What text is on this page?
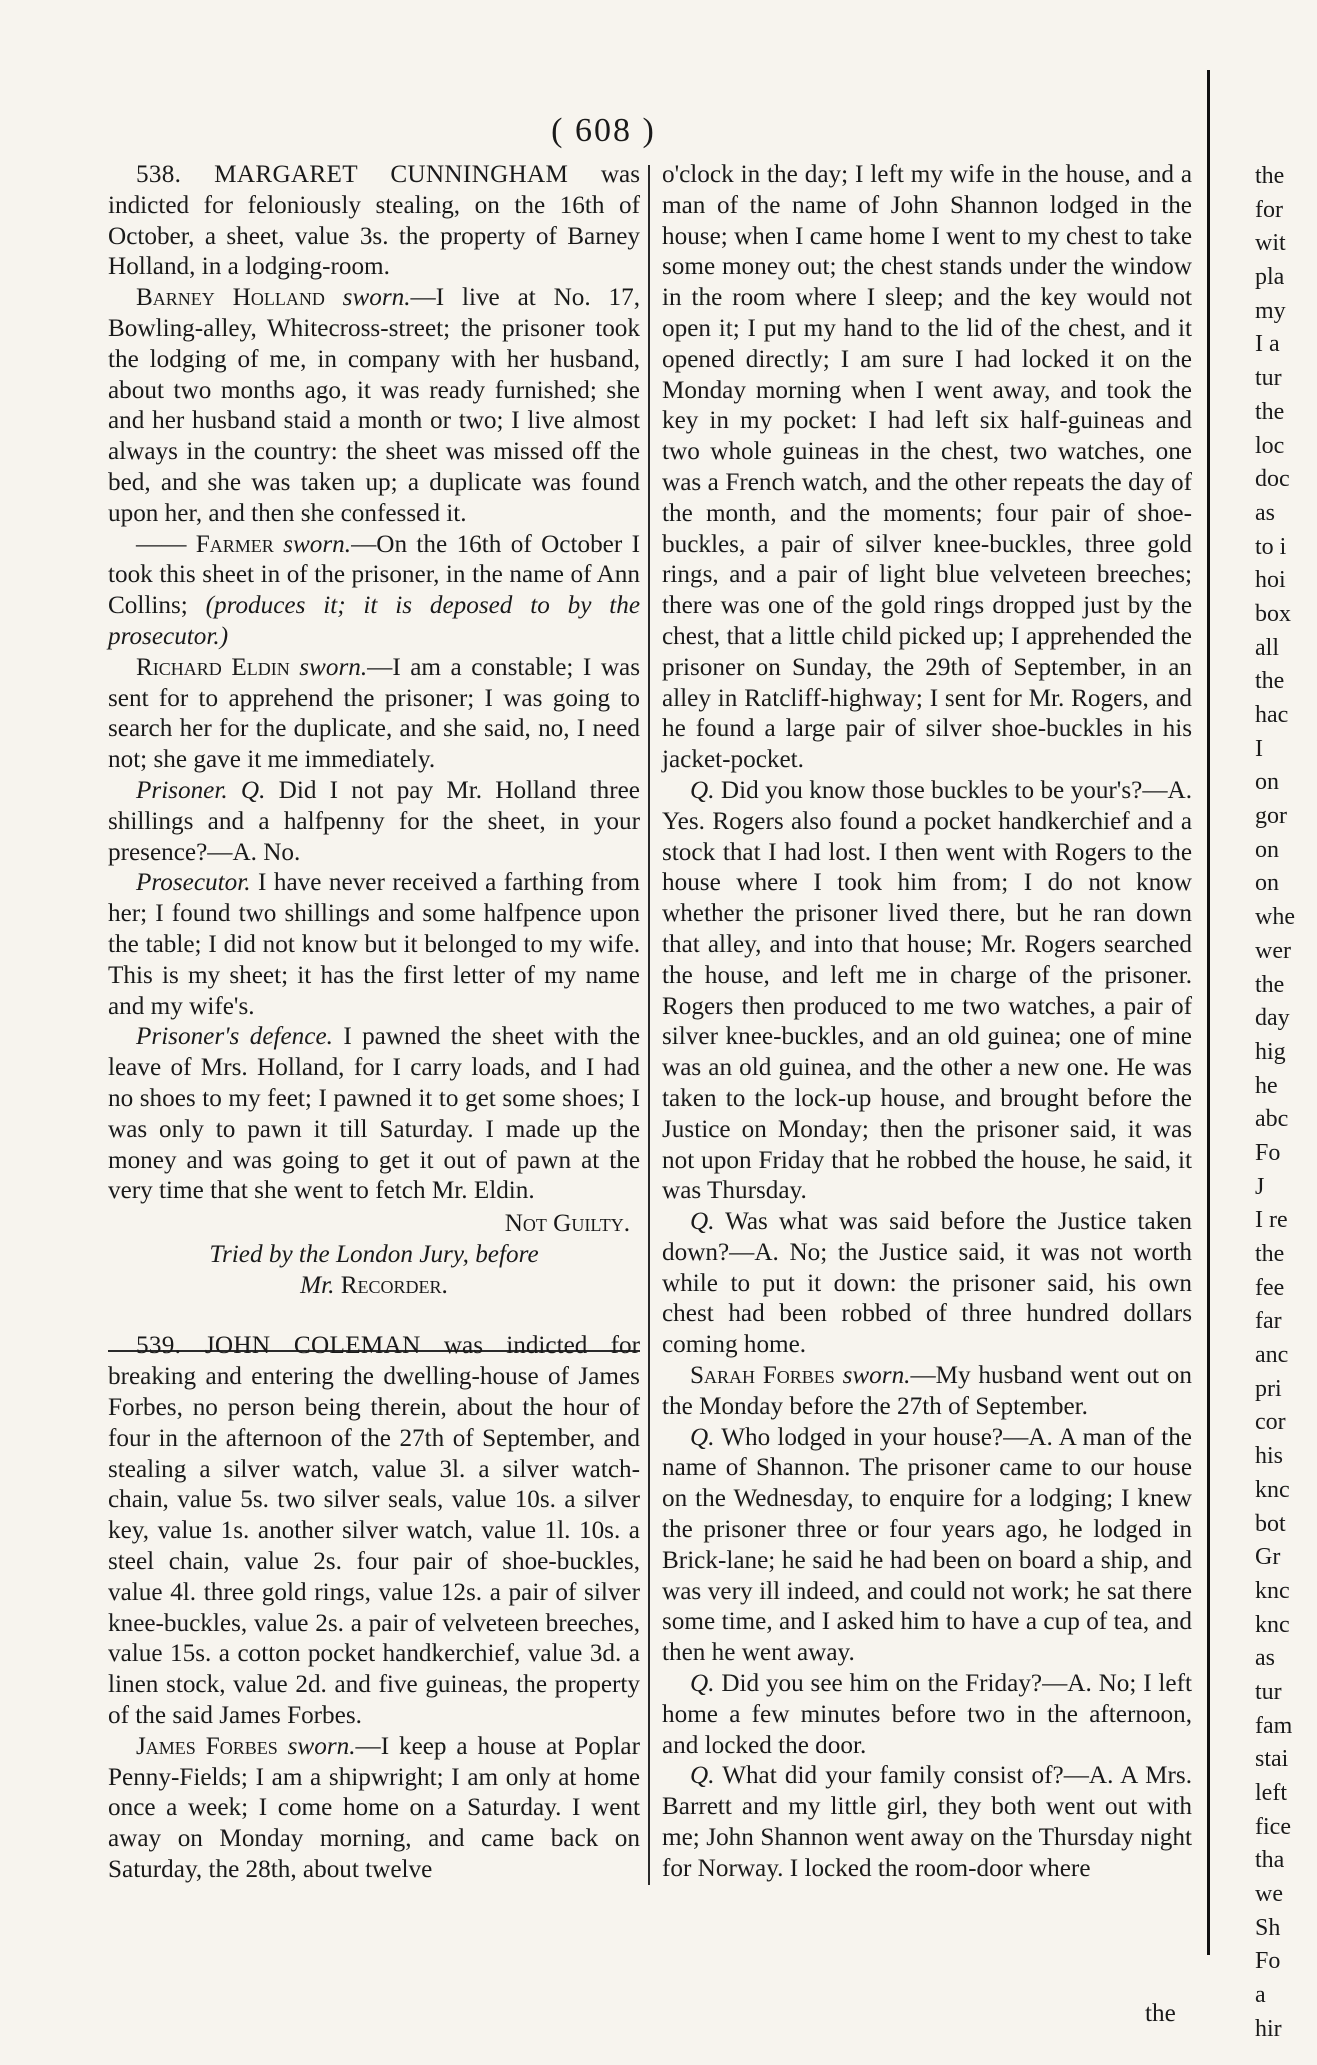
( 608 )

538. MARGARET CUNNINGHAM was indicted for feloniously stealing, on the 16th of October, a sheet, value 3s. the property of Barney Holland, in a lodging-room.

Barney Holland sworn.—I live at No. 17, Bowling-alley, Whitecross-street; the prisoner took the lodging of me, in company with her husband, about two months ago, it was ready furnished; she and her husband staid a month or two; I live almost always in the country: the sheet was missed off the bed, and she was taken up; a duplicate was found upon her, and then she confessed it.

—— Farmer sworn.—On the 16th of October I took this sheet in of the prisoner, in the name of Ann Collins; (produces it; it is deposed to by the prosecutor.)

Richard Eldin sworn.—I am a constable; I was sent for to apprehend the prisoner; I was going to search her for the duplicate, and she said, no, I need not; she gave it me immediately.

Prisoner. Q. Did I not pay Mr. Holland three shillings and a halfpenny for the sheet, in your presence?—A. No.

Prosecutor. I have never received a farthing from her; I found two shillings and some halfpence upon the table; I did not know but it belonged to my wife. This is my sheet; it has the first letter of my name and my wife's.

Prisoner's defence. I pawned the sheet with the leave of Mrs. Holland, for I carry loads, and I had no shoes to my feet; I pawned it to get some shoes; I was only to pawn it till Saturday. I made up the money and was going to get it out of pawn at the very time that she went to fetch Mr. Eldin.

Not Guilty.

Tried by the London Jury, before

Mr. Recorder.

539. JOHN COLEMAN was indicted for breaking and entering the dwelling-house of James Forbes, no person being therein, about the hour of four in the afternoon of the 27th of September, and stealing a silver watch, value 3l. a silver watch-chain, value 5s. two silver seals, value 10s. a silver key, value 1s. another silver watch, value 1l. 10s. a steel chain, value 2s. four pair of shoe-buckles, value 4l. three gold rings, value 12s. a pair of silver knee-buckles, value 2s. a pair of velveteen breeches, value 15s. a cotton pocket handkerchief, value 3d. a linen stock, value 2d. and five guineas, the property of the said James Forbes.

James Forbes sworn.—I keep a house at Poplar Penny-Fields; I am a shipwright; I am only at home once a week; I come home on a Saturday. I went away on Monday morning, and came back on Saturday, the 28th, about twelve

o'clock in the day; I left my wife in the house, and a man of the name of John Shannon lodged in the house; when I came home I went to my chest to take some money out; the chest stands under the window in the room where I sleep; and the key would not open it; I put my hand to the lid of the chest, and it opened directly; I am sure I had locked it on the Monday morning when I went away, and took the key in my pocket: I had left six half-guineas and two whole guineas in the chest, two watches, one was a French watch, and the other repeats the day of the month, and the moments; four pair of shoe-buckles, a pair of silver knee-buckles, three gold rings, and a pair of light blue velveteen breeches; there was one of the gold rings dropped just by the chest, that a little child picked up; I apprehended the prisoner on Sunday, the 29th of September, in an alley in Ratcliff-highway; I sent for Mr. Rogers, and he found a large pair of silver shoe-buckles in his jacket-pocket.

Q. Did you know those buckles to be your's?—A. Yes. Rogers also found a pocket handkerchief and a stock that I had lost. I then went with Rogers to the house where I took him from; I do not know whether the prisoner lived there, but he ran down that alley, and into that house; Mr. Rogers searched the house, and left me in charge of the prisoner. Rogers then produced to me two watches, a pair of silver knee-buckles, and an old guinea; one of mine was an old guinea, and the other a new one. He was taken to the lock-up house, and brought before the Justice on Monday; then the prisoner said, it was not upon Friday that he robbed the house, he said, it was Thursday.

Q. Was what was said before the Justice taken down?—A. No; the Justice said, it was not worth while to put it down: the prisoner said, his own chest had been robbed of three hundred dollars coming home.

Sarah Forbes sworn.—My husband went out on the Monday before the 27th of September.

Q. Who lodged in your house?—A. A man of the name of Shannon. The prisoner came to our house on the Wednesday, to enquire for a lodging; I knew the prisoner three or four years ago, he lodged in Brick-lane; he said he had been on board a ship, and was very ill indeed, and could not work; he sat there some time, and I asked him to have a cup of tea, and then he went away.

Q. Did you see him on the Friday?—A. No; I left home a few minutes before two in the afternoon, and locked the door.

Q. What did your family consist of?—A. A Mrs. Barrett and my little girl, they both went out with me; John Shannon went away on the Thursday night for Norway. I locked the room-door where

the
the
for
wit
pla
my
I a
tur
the
loc
doc
as
to i
hoi
box
all
the
hac
I
on
gor
on
on
whe
wer
the
day
hig
he
abc
Fo
J
I re
the
fee
far
anc
pri
cor
his
knc
bot
Gr
knc
knc
as
tur
fam
stai
left
fice
tha
we
Sh
Fo
a
hir
